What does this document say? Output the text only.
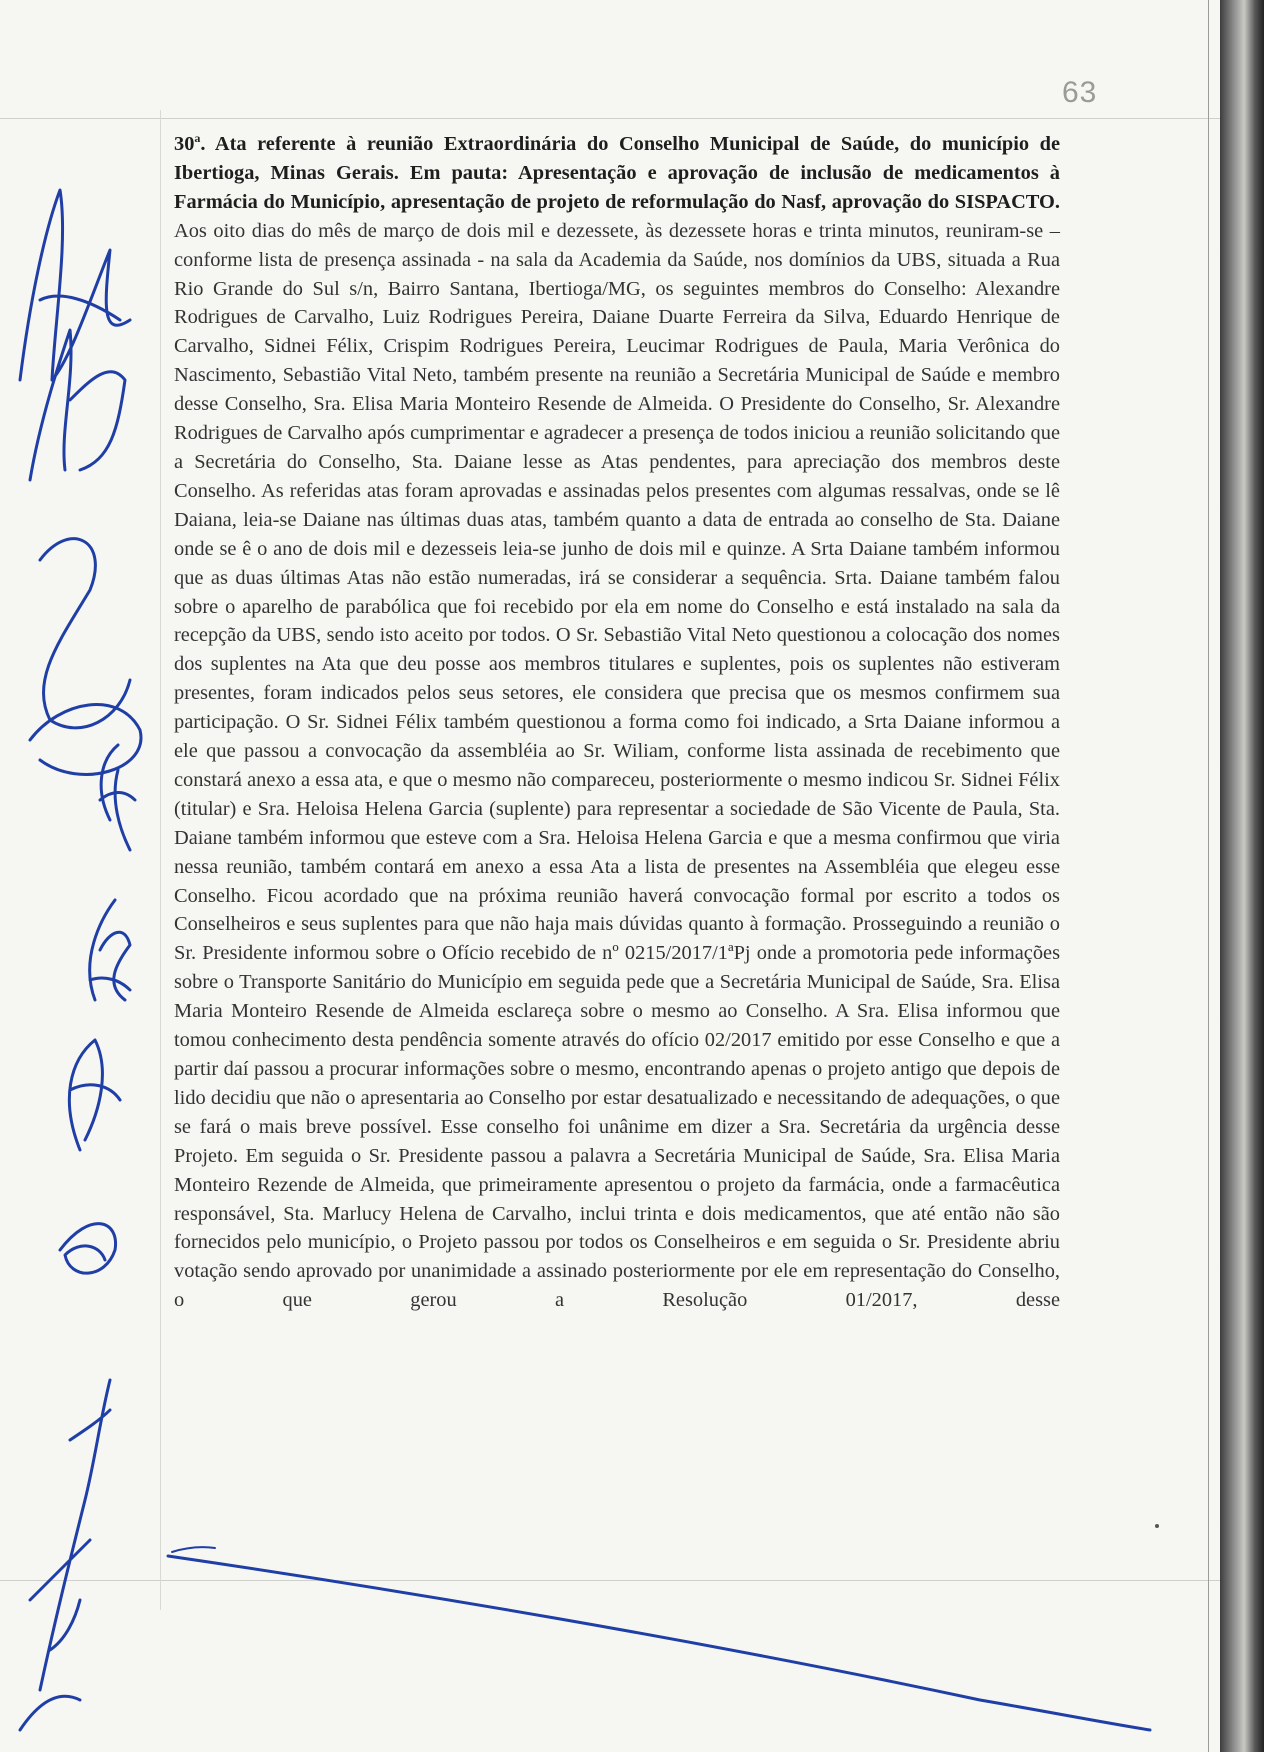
63

30$^a$. Ata referente à reunião Extraordinária do Conselho Municipal de Saúde, do município de Ibertioga, Minas Gerais. Em pauta: Apresentação e aprovação de inclusão de medicamentos à Farmácia do Município, apresentação de projeto de reformulação do Nasf, aprovação do SISPACTO. Aos oito dias do mês de março de dois mil e dezessete, às dezessete horas e trinta minutos, reuniram-se – conforme lista de presença assinada - na sala da Academia da Saúde, nos domínios da UBS, situada a Rua Rio Grande do Sul s/n, Bairro Santana, Ibertioga/MG, os seguintes membros do Conselho: Alexandre Rodrigues de Carvalho, Luiz Rodrigues Pereira, Daiane Duarte Ferreira da Silva, Eduardo Henrique de Carvalho, Sidnei Félix, Crispim Rodrigues Pereira, Leucimar Rodrigues de Paula, Maria Verônica do Nascimento, Sebastião Vital Neto, também presente na reunião a Secretária Municipal de Saúde e membro desse Conselho, Sra. Elisa Maria Monteiro Resende de Almeida. O Presidente do Conselho, Sr. Alexandre Rodrigues de Carvalho após cumprimentar e agradecer a presença de todos iniciou a reunião solicitando que a Secretária do Conselho, Sta. Daiane lesse as Atas pendentes, para apreciação dos membros deste Conselho. As referidas atas foram aprovadas e assinadas pelos presentes com algumas ressalvas, onde se lê Daiana, leia-se Daiane nas últimas duas atas, também quanto a data de entrada ao conselho de Sta. Daiane onde se ê o ano de dois mil e dezesseis leia-se junho de dois mil e quinze. A Srta Daiane também informou que as duas últimas Atas não estão numeradas, irá se considerar a sequência. Srta. Daiane também falou sobre o aparelho de parabólica que foi recebido por ela em nome do Conselho e está instalado na sala da recepção da UBS, sendo isto aceito por todos. O Sr. Sebastião Vital Neto questionou a colocação dos nomes dos suplentes na Ata que deu posse aos membros titulares e suplentes, pois os suplentes não estiveram presentes, foram indicados pelos seus setores, ele considera que precisa que os mesmos confirmem sua participação. O Sr. Sidnei Félix também questionou a forma como foi indicado, a Srta Daiane informou a ele que passou a convocação da assembléia ao Sr. Wiliam, conforme lista assinada de recebimento que constará anexo a essa ata, e que o mesmo não compareceu, posteriormente o mesmo indicou Sr. Sidnei Félix (titular) e Sra. Heloisa Helena Garcia (suplente) para representar a sociedade de São Vicente de Paula, Sta. Daiane também informou que esteve com a Sra. Heloisa Helena Garcia e que a mesma confirmou que viria nessa reunião, também contará em anexo a essa Ata a lista de presentes na Assembléia que elegeu esse Conselho. Ficou acordado que na próxima reunião haverá convocação formal por escrito a todos os Conselheiros e seus suplentes para que não haja mais dúvidas quanto à formação. Prosseguindo a reunião o Sr. Presidente informou sobre o Ofício recebido de nº 0215/2017/1ªPj onde a promotoria pede informações sobre o Transporte Sanitário do Município em seguida pede que a Secretária Municipal de Saúde, Sra. Elisa Maria Monteiro Resende de Almeida esclareça sobre o mesmo ao Conselho. A Sra. Elisa informou que tomou conhecimento desta pendência somente através do ofício 02/2017 emitido por esse Conselho e que a partir daí passou a procurar informações sobre o mesmo, encontrando apenas o projeto antigo que depois de lido decidiu que não o apresentaria ao Conselho por estar desatualizado e necessitando de adequações, o que se fará o mais breve possível. Esse conselho foi unânime em dizer a Sra. Secretária da urgência desse Projeto. Em seguida o Sr. Presidente passou a palavra a Secretária Municipal de Saúde, Sra. Elisa Maria Monteiro Rezende de Almeida, que primeiramente apresentou o projeto da farmácia, onde a farmacêutica responsável, Sta. Marlucy Helena de Carvalho, inclui trinta e dois medicamentos, que até então não são fornecidos pelo município, o Projeto passou por todos os Conselheiros e em seguida o Sr. Presidente abriu votação sendo aprovado por unanimidade a assinado posteriormente por ele em representação do Conselho, o que gerou a Resolução 01/2017, desse
